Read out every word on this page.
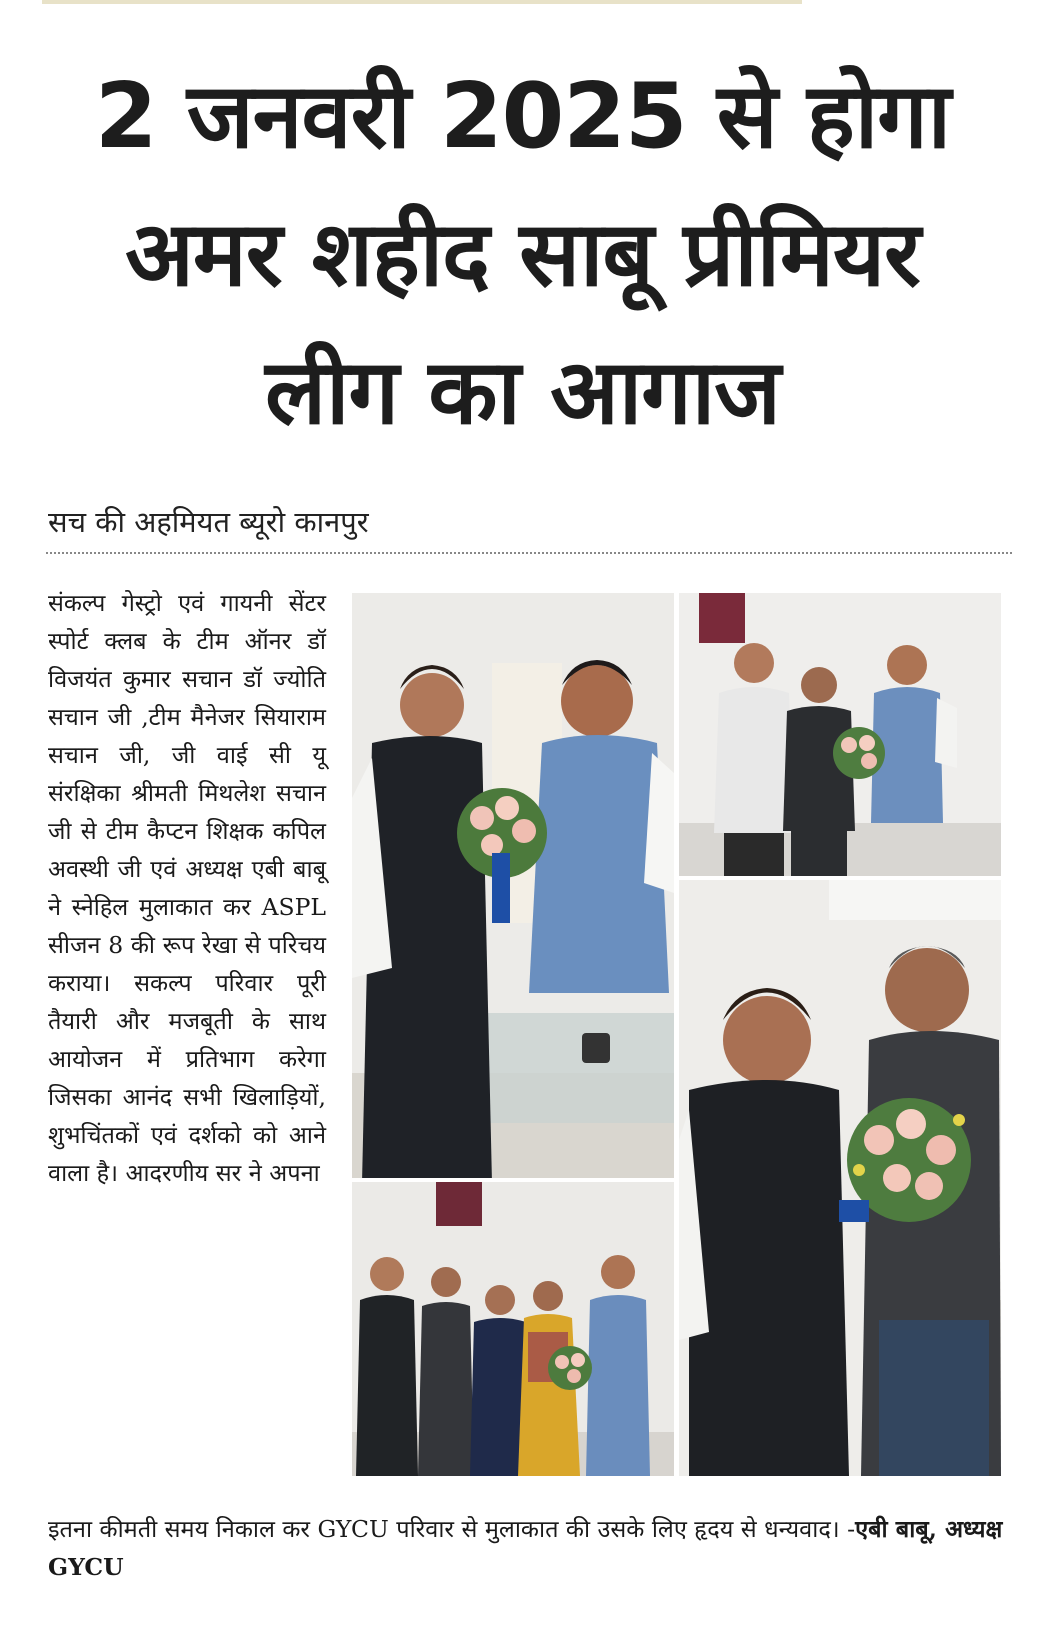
2 जनवरी 2025 से होगा
अमर शहीद साबू प्रीमियर
लीग का आगाज
सच की अहमियत ब्यूरो कानपुर
संकल्प गेस्ट्रो एवं गायनी सेंटर स्पोर्ट क्लब के टीम ऑनर डॉ विजयंत कुमार सचान डॉ ज्योति सचान जी ,टीम मैनेजर सियाराम सचान जी, जी वाई सी यू संरक्षिका श्रीमती मिथलेश सचान जी से टीम कैप्टन शिक्षक कपिल अवस्थी जी एवं अध्यक्ष एबी बाबू ने स्नेहिल मुलाकात कर ASPL सीजन 8 की रूप रेखा से परिचय कराया। सकल्प परिवार पूरी तैयारी और मजबूती के साथ आयोजन में प्रतिभाग करेगा जिसका आनंद सभी खिलाड़ियों, शुभचिंतकों एवं दर्शको को आने वाला है। आदरणीय सर ने अपना
इतना कीमती समय निकाल कर GYCU परिवार से मुलाकात की उसके लिए हृदय से धन्यवाद। -एबी बाबू, अध्यक्ष GYCU
